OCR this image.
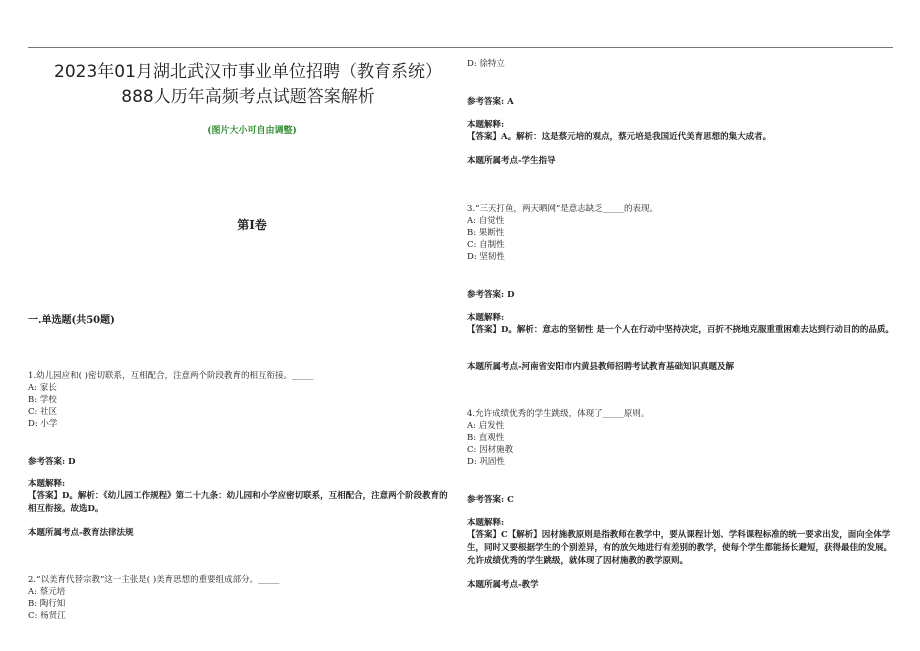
2023年01月湖北武汉市事业单位招聘（教育系统）
888人历年高频考点试题答案解析
(图片大小可自由调整)
第I卷
一.单选题(共50题)
1.幼儿园应和( )密切联系，互相配合，注意两个阶段教育的相互衔接。_____
A: 家长
B: 学校
C: 社区
D: 小学
参考答案: D
本题解释:
【答案】D。解析：《幼儿园工作规程》第二十九条：幼儿园和小学应密切联系，互相配合，注意两个阶段教育的相互衔接。故选D。
本题所属考点-教育法律法规
2.“以美育代替宗教”这一主张是( )美育思想的重要组成部分。_____
A: 蔡元培
B: 陶行知
C: 杨贤江
D: 徐特立
参考答案: A
本题解释:
【答案】A。解析：这是蔡元培的观点，蔡元培是我国近代美育思想的集大成者。
本题所属考点-学生指导
3.“三天打鱼，两天晒网”是意志缺乏_____的表现。
A: 自觉性
B: 果断性
C: 自制性
D: 坚韧性
参考答案: D
本题解释:
【答案】D。解析：意志的坚韧性 是一个人在行动中坚持决定，百折不挠地克服重重困难去达到行动目的的品质。
本题所属考点-河南省安阳市内黄县教师招聘考试教育基础知识真题及解
4.允许成绩优秀的学生跳级，体现了_____原则。
A: 启发性
B: 直观性
C: 因材施教
D: 巩固性
参考答案: C
本题解释:
【答案】C【解析】因材施教原则是指教师在教学中，要从课程计划、学科课程标准的统一要求出发，面向全体学生，同时又要根据学生的个别差异，有的放矢地进行有差别的教学，使每个学生都能扬长避短，获得最佳的发展。允许成绩优秀的学生跳级，就体现了因材施教的教学原则。
本题所属考点-教学
